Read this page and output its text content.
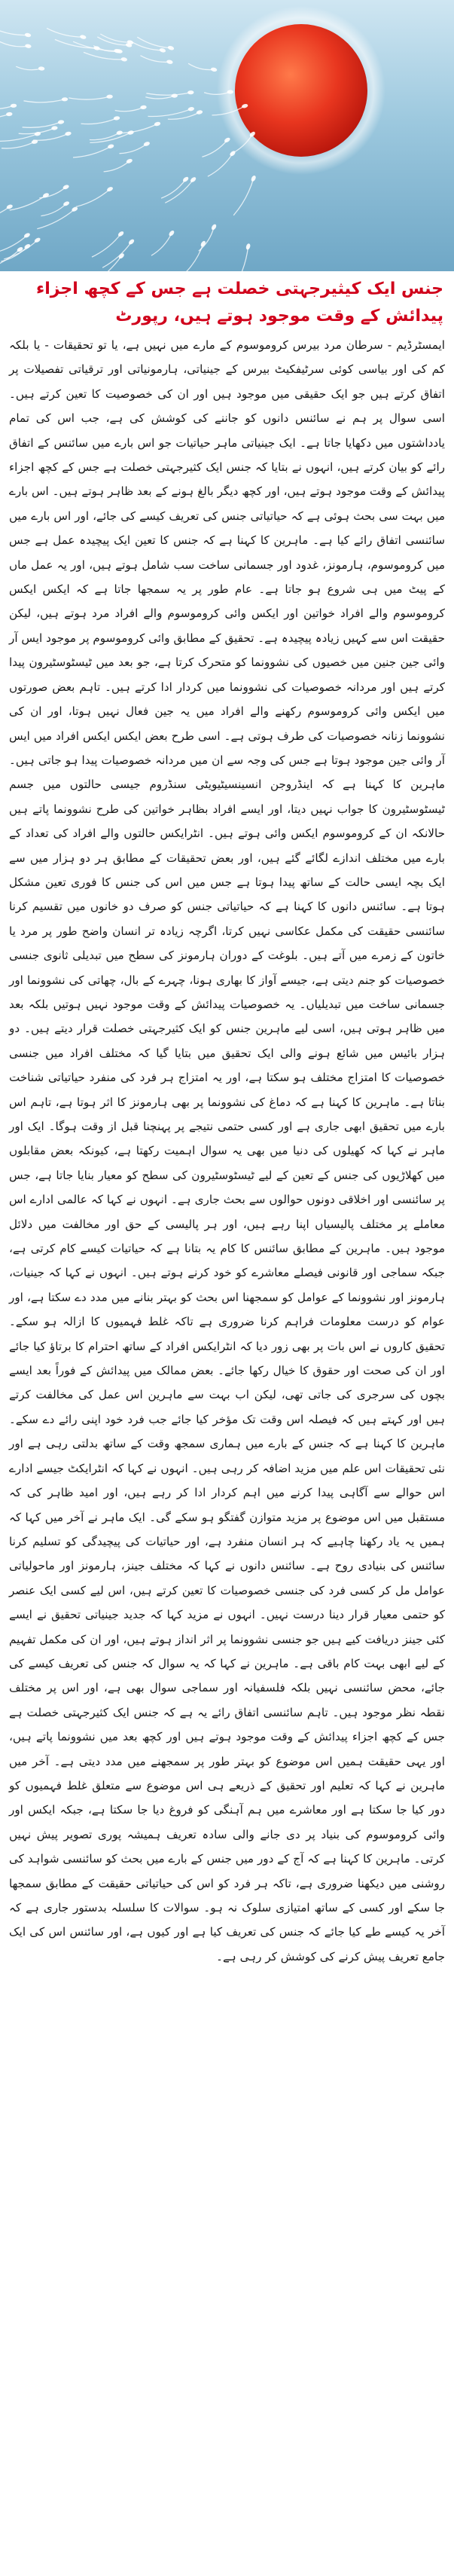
جنس ایک کیثیرجہتی خصلت ہے جس کے کچھ اجزاء پیدائش کے وقت موجود ہوتے ہیں، رپورٹ

ایمسٹرڈیم - سرطان مرد بیرس کروموسوم کے مارے میں نہیں ہے، یا تو تحقیقات - یا بلکہ کم کی اور بیاسی کوئی سرٹیفکیٹ بیرس کے جینیاتی، ہارمونیاتی اور ترقیاتی تفصیلات پر اتفاق کرتے ہیں جو ایک حقیقی میں موجود ہیں اور ان کی خصوصیت کا تعین کرتے ہیں۔ اسی سوال پر ہم نے سائنس دانوں کو جاننے کی کوشش کی ہے، جب اس کی تمام یادداشتوں میں دکھایا جاتا ہے۔ ایک جینیاتی ماہر حیاتیات جو اس بارے میں سائنس کے اتفاق رائے کو بیان کرتے ہیں، انہوں نے بتایا کہ جنس ایک کثیرجہتی خصلت ہے جس کے کچھ اجزاء پیدائش کے وقت موجود ہوتے ہیں، اور کچھ دیگر بالغ ہونے کے بعد ظاہر ہوتے ہیں۔ اس بارے میں بہت سی بحث ہوئی ہے کہ حیاتیاتی جنس کی تعریف کیسے کی جائے، اور اس بارے میں سائنسی اتفاق رائے کیا ہے۔ ماہرین کا کہنا ہے کہ جنس کا تعین ایک پیچیدہ عمل ہے جس میں کروموسوم، ہارمونز، غدود اور جسمانی ساخت سب شامل ہوتے ہیں، اور یہ عمل ماں کے پیٹ میں ہی شروع ہو جاتا ہے۔ عام طور پر یہ سمجھا جاتا ہے کہ ایکس ایکس کروموسوم والے افراد خواتین اور ایکس وائی کروموسوم والے افراد مرد ہوتے ہیں، لیکن حقیقت اس سے کہیں زیادہ پیچیدہ ہے۔ تحقیق کے مطابق وائی کروموسوم پر موجود ایس آر وائی جین جنین میں خصیوں کی نشوونما کو متحرک کرتا ہے، جو بعد میں ٹیسٹوسٹیرون پیدا کرتے ہیں اور مردانہ خصوصیات کی نشوونما میں کردار ادا کرتے ہیں۔ تاہم بعض صورتوں میں ایکس وائی کروموسوم رکھنے والے افراد میں یہ جین فعال نہیں ہوتا، اور ان کی نشوونما زنانہ خصوصیات کی طرف ہوتی ہے۔ اسی طرح بعض ایکس ایکس افراد میں ایس آر وائی جین موجود ہوتا ہے جس کی وجہ سے ان میں مردانہ خصوصیات پیدا ہو جاتی ہیں۔ ماہرین کا کہنا ہے کہ اینڈروجن انسینسیٹیویٹی سنڈروم جیسی حالتوں میں جسم ٹیسٹوسٹیرون کا جواب نہیں دیتا، اور ایسے افراد بظاہر خواتین کی طرح نشوونما پاتے ہیں حالانکہ ان کے کروموسوم ایکس وائی ہوتے ہیں۔ انٹرایکس حالتوں والے افراد کی تعداد کے بارے میں مختلف اندازے لگائے گئے ہیں، اور بعض تحقیقات کے مطابق ہر دو ہزار میں سے ایک بچہ ایسی حالت کے ساتھ پیدا ہوتا ہے جس میں اس کی جنس کا فوری تعین مشکل ہوتا ہے۔ سائنس دانوں کا کہنا ہے کہ حیاتیاتی جنس کو صرف دو خانوں میں تقسیم کرنا سائنسی حقیقت کی مکمل عکاسی نہیں کرتا، اگرچہ زیادہ تر انسان واضح طور پر مرد یا خاتون کے زمرے میں آتے ہیں۔ بلوغت کے دوران ہارمونز کی سطح میں تبدیلی ثانوی جنسی خصوصیات کو جنم دیتی ہے، جیسے آواز کا بھاری ہونا، چہرے کے بال، چھاتی کی نشوونما اور جسمانی ساخت میں تبدیلیاں۔ یہ خصوصیات پیدائش کے وقت موجود نہیں ہوتیں بلکہ بعد میں ظاہر ہوتی ہیں، اسی لیے ماہرین جنس کو ایک کثیرجہتی خصلت قرار دیتے ہیں۔ دو ہزار بائیس میں شائع ہونے والی ایک تحقیق میں بتایا گیا کہ مختلف افراد میں جنسی خصوصیات کا امتزاج مختلف ہو سکتا ہے، اور یہ امتزاج ہر فرد کی منفرد حیاتیاتی شناخت بناتا ہے۔ ماہرین کا کہنا ہے کہ دماغ کی نشوونما پر بھی ہارمونز کا اثر ہوتا ہے، تاہم اس بارے میں تحقیق ابھی جاری ہے اور کسی حتمی نتیجے پر پہنچنا قبل از وقت ہوگا۔ ایک اور ماہر نے کہا کہ کھیلوں کی دنیا میں بھی یہ سوال اہمیت رکھتا ہے، کیونکہ بعض مقابلوں میں کھلاڑیوں کی جنس کے تعین کے لیے ٹیسٹوسٹیرون کی سطح کو معیار بنایا جاتا ہے، جس پر سائنسی اور اخلاقی دونوں حوالوں سے بحث جاری ہے۔ انہوں نے کہا کہ عالمی ادارے اس معاملے پر مختلف پالیسیاں اپنا رہے ہیں، اور ہر پالیسی کے حق اور مخالفت میں دلائل موجود ہیں۔ ماہرین کے مطابق سائنس کا کام یہ بتانا ہے کہ حیاتیات کیسے کام کرتی ہے، جبکہ سماجی اور قانونی فیصلے معاشرے کو خود کرنے ہوتے ہیں۔ انہوں نے کہا کہ جینیات، ہارمونز اور نشوونما کے عوامل کو سمجھنا اس بحث کو بہتر بنانے میں مدد دے سکتا ہے، اور عوام کو درست معلومات فراہم کرنا ضروری ہے تاکہ غلط فہمیوں کا ازالہ ہو سکے۔ تحقیق کاروں نے اس بات پر بھی زور دیا کہ انٹرایکس افراد کے ساتھ احترام کا برتاؤ کیا جائے اور ان کی صحت اور حقوق کا خیال رکھا جائے۔ بعض ممالک میں پیدائش کے فوراً بعد ایسے بچوں کی سرجری کی جاتی تھی، لیکن اب بہت سے ماہرین اس عمل کی مخالفت کرتے ہیں اور کہتے ہیں کہ فیصلہ اس وقت تک مؤخر کیا جائے جب فرد خود اپنی رائے دے سکے۔ ماہرین کا کہنا ہے کہ جنس کے بارے میں ہماری سمجھ وقت کے ساتھ بدلتی رہی ہے اور نئی تحقیقات اس علم میں مزید اضافہ کر رہی ہیں۔ انہوں نے کہا کہ انٹرایکٹ جیسے ادارے اس حوالے سے آگاہی پیدا کرنے میں اہم کردار ادا کر رہے ہیں، اور امید ظاہر کی کہ مستقبل میں اس موضوع پر مزید متوازن گفتگو ہو سکے گی۔ ایک ماہر نے آخر میں کہا کہ ہمیں یہ یاد رکھنا چاہیے کہ ہر انسان منفرد ہے، اور حیاتیات کی پیچیدگی کو تسلیم کرنا سائنس کی بنیادی روح ہے۔ سائنس دانوں نے کہا کہ مختلف جینز، ہارمونز اور ماحولیاتی عوامل مل کر کسی فرد کی جنسی خصوصیات کا تعین کرتے ہیں، اس لیے کسی ایک عنصر کو حتمی معیار قرار دینا درست نہیں۔ انہوں نے مزید کہا کہ جدید جینیاتی تحقیق نے ایسے کئی جینز دریافت کیے ہیں جو جنسی نشوونما پر اثر انداز ہوتے ہیں، اور ان کی مکمل تفہیم کے لیے ابھی بہت کام باقی ہے۔ ماہرین نے کہا کہ یہ سوال کہ جنس کی تعریف کیسے کی جائے، محض سائنسی نہیں بلکہ فلسفیانہ اور سماجی سوال بھی ہے، اور اس پر مختلف نقطہ نظر موجود ہیں۔ تاہم سائنسی اتفاق رائے یہ ہے کہ جنس ایک کثیرجہتی خصلت ہے جس کے کچھ اجزاء پیدائش کے وقت موجود ہوتے ہیں اور کچھ بعد میں نشوونما پاتے ہیں، اور یہی حقیقت ہمیں اس موضوع کو بہتر طور پر سمجھنے میں مدد دیتی ہے۔ آخر میں ماہرین نے کہا کہ تعلیم اور تحقیق کے ذریعے ہی اس موضوع سے متعلق غلط فہمیوں کو دور کیا جا سکتا ہے اور معاشرے میں ہم آہنگی کو فروغ دیا جا سکتا ہے، جبکہ ایکس اور وائی کروموسوم کی بنیاد پر دی جانے والی سادہ تعریف ہمیشہ پوری تصویر پیش نہیں کرتی۔ ماہرین کا کہنا ہے کہ آج کے دور میں جنس کے بارے میں بحث کو سائنسی شواہد کی روشنی میں دیکھنا ضروری ہے، تاکہ ہر فرد کو اس کی حیاتیاتی حقیقت کے مطابق سمجھا جا سکے اور کسی کے ساتھ امتیازی سلوک نہ ہو۔ سوالات کا سلسلہ بدستور جاری ہے کہ آخر یہ کیسے طے کیا جائے کہ جنس کی تعریف کیا ہے اور کیوں ہے، اور سائنس اس کی ایک جامع تعریف پیش کرنے کی کوشش کر رہی ہے۔
